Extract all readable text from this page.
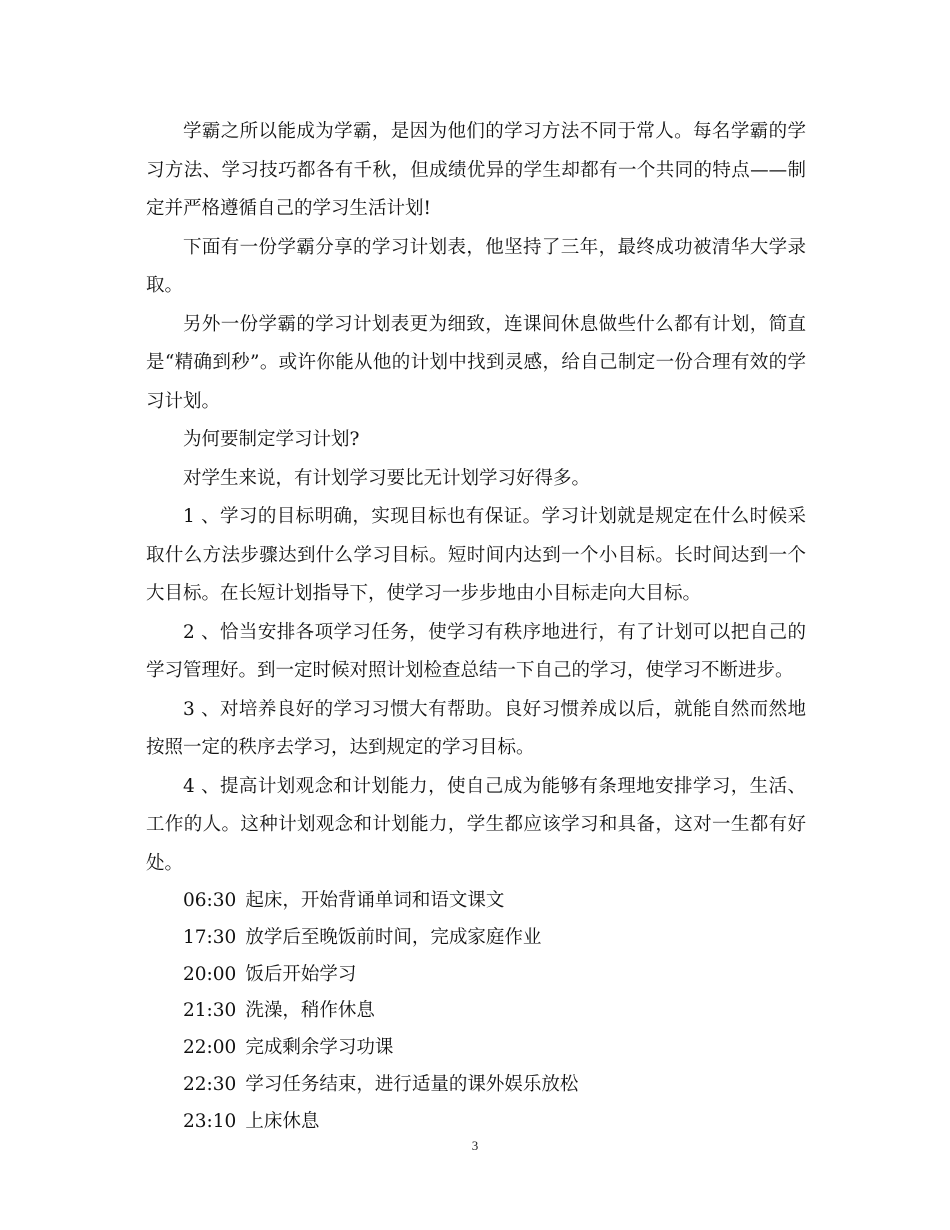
学霸之所以能成为学霸，是因为他们的学习方法不同于常人。每名学霸的学习方法、学习技巧都各有千秋，但成绩优异的学生却都有一个共同的特点——制定并严格遵循自己的学习生活计划!

下面有一份学霸分享的学习计划表，他坚持了三年，最终成功被清华大学录取。

另外一份学霸的学习计划表更为细致，连课间休息做些什么都有计划，简直是“精确到秒”。或许你能从他的计划中找到灵感，给自己制定一份合理有效的学习计划。

为何要制定学习计划?

对学生来说，有计划学习要比无计划学习好得多。

1 、学习的目标明确，实现目标也有保证。学习计划就是规定在什么时候采取什么方法步骤达到什么学习目标。短时间内达到一个小目标。长时间达到一个大目标。在长短计划指导下，使学习一步步地由小目标走向大目标。

2 、恰当安排各项学习任务，使学习有秩序地进行，有了计划可以把自己的学习管理好。到一定时候对照计划检查总结一下自己的学习，使学习不断进步。

3 、对培养良好的学习习惯大有帮助。良好习惯养成以后，就能自然而然地按照一定的秩序去学习，达到规定的学习目标。

4 、提高计划观念和计划能力，使自己成为能够有条理地安排学习，生活、工作的人。这种计划观念和计划能力，学生都应该学习和具备，这对一生都有好处。

06:30 起床，开始背诵单词和语文课文

17:30 放学后至晚饭前时间，完成家庭作业

20:00 饭后开始学习

21:30 洗澡，稍作休息

22:00 完成剩余学习功课

22:30 学习任务结束，进行适量的课外娱乐放松

23:10 上床休息

3
